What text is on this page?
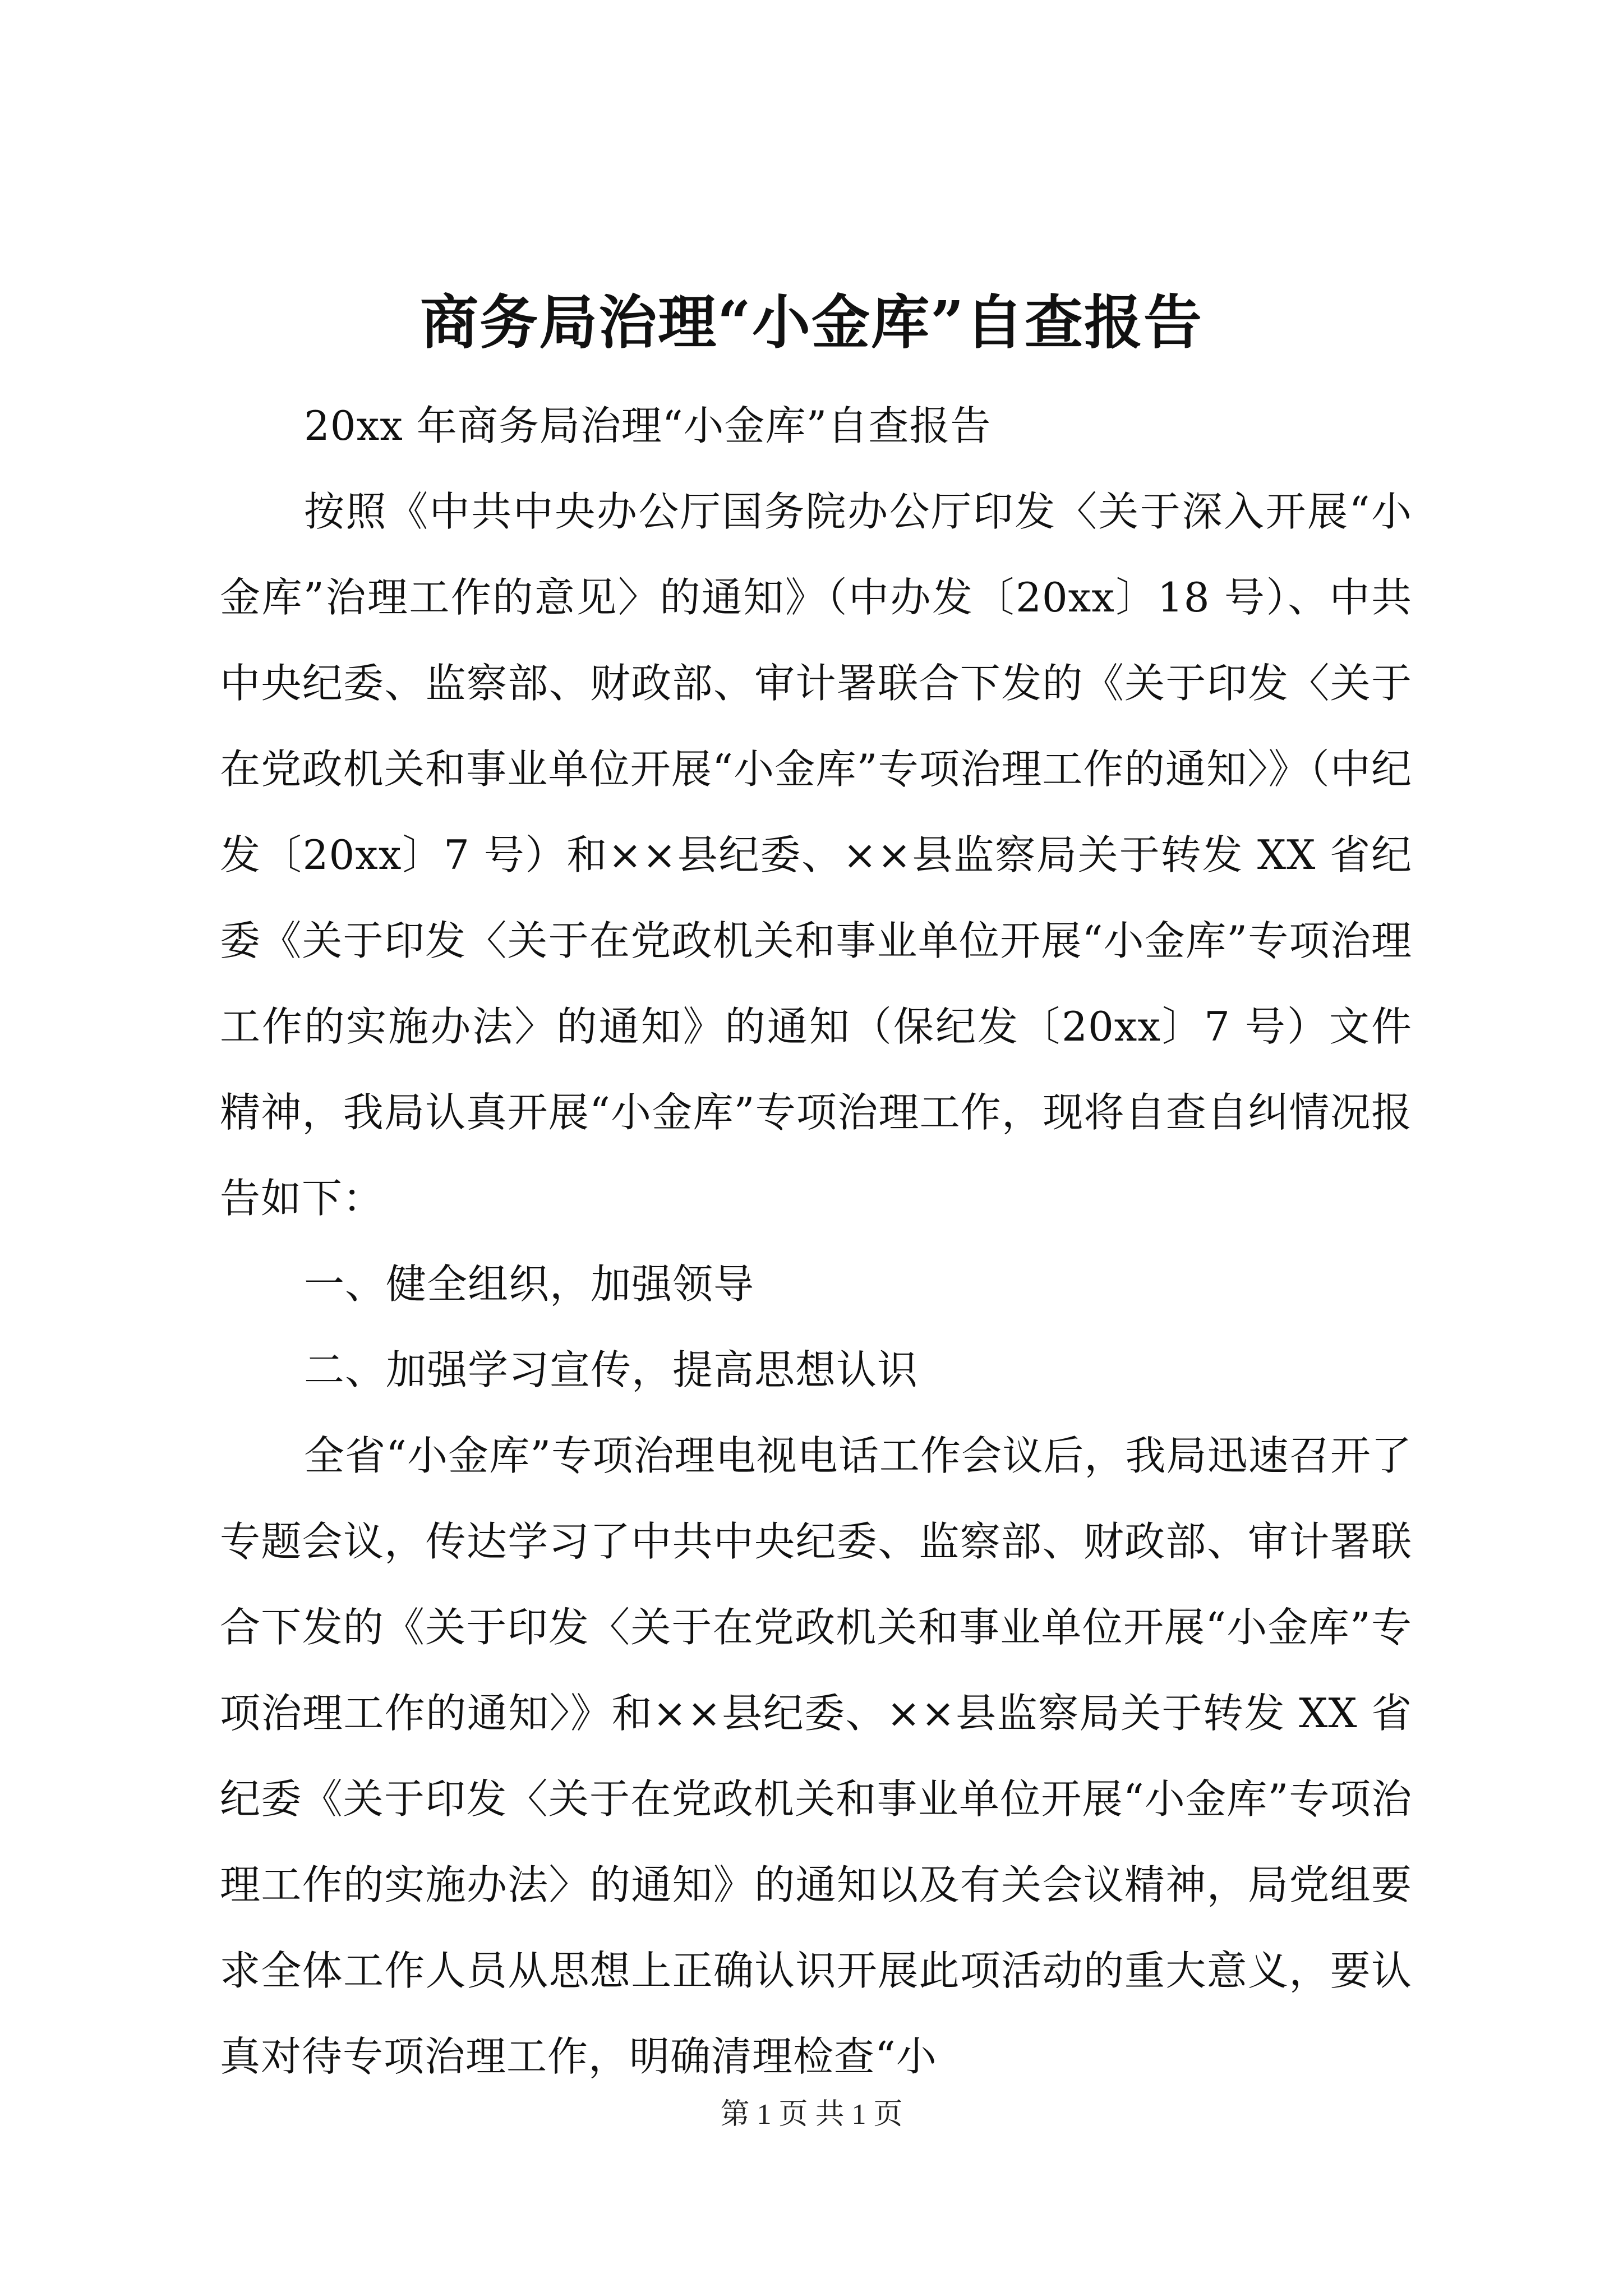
商务局治理“小金库”自查报告

20xx 年商务局治理“小金库”自查报告

按照《中共中央办公厅国务院办公厅印发〈关于深入开展“小金库”治理工作的意见〉的通知》（中办发〔20xx〕18 号）、中共中央纪委、监察部、财政部、审计署联合下发的《关于印发〈关于在党政机关和事业单位开展“小金库”专项治理工作的通知〉》（中纪发〔20xx〕7 号）和××县纪委、××县监察局关于转发 XX 省纪委《关于印发〈关于在党政机关和事业单位开展“小金库”专项治理工作的实施办法〉的通知》的通知（保纪发〔20xx〕7 号）文件精神，我局认真开展“小金库”专项治理工作，现将自查自纠情况报告如下：

一、健全组织，加强领导

二、加强学习宣传，提高思想认识

全省“小金库”专项治理电视电话工作会议后，我局迅速召开了专题会议，传达学习了中共中央纪委、监察部、财政部、审计署联合下发的《关于印发〈关于在党政机关和事业单位开展“小金库”专项治理工作的通知〉》和××县纪委、××县监察局关于转发 XX 省纪委《关于印发〈关于在党政机关和事业单位开展“小金库”专项治理工作的实施办法〉的通知》的通知以及有关会议精神，局党组要求全体工作人员从思想上正确认识开展此项活动的重大意义，要认真对待专项治理工作，明确清理检查“小

第 1 页 共 1 页
